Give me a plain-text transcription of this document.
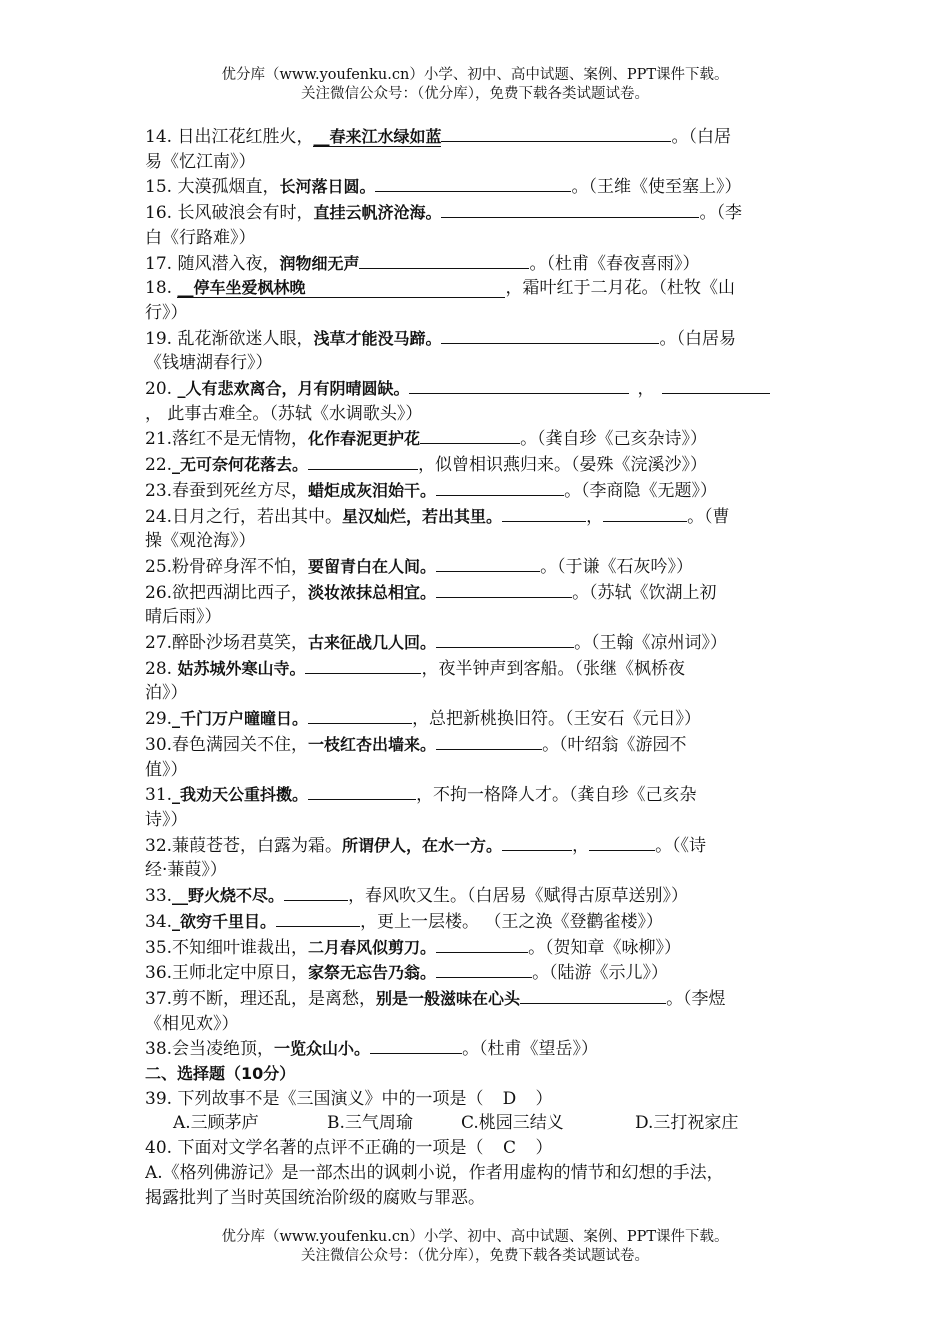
优分库（www.youfenku.cn）小学、初中、高中试题、案例、PPT课件下载。
关注微信公众号：（优分库），免费下载各类试题试卷。
14. 日出江花红胜火，__春来江水绿如蓝	。（白居
易《忆江南》）
15. 大漠孤烟直，长河落日圆。	。（王维《使至塞上》）
16. 长风破浪会有时，直挂云帆济沧海。	。（李
白《行路难》）
17. 随风潜入夜，润物细无声	。（杜甫《春夜喜雨》）
18. __停车坐爱枫林晚	，霜叶红于二月花。（杜牧《山
行》）
19. 乱花渐欲迷人眼，浅草才能没马蹄。	。（白居易
《钱塘湖春行》）
20. _人有悲欢离合，月有阴晴圆缺。	，
， 此事古难全。（苏轼《水调歌头》）
21.落红不是无情物，化作春泥更护花	。（龚自珍《己亥杂诗》）
22._无可奈何花落去。	，似曾相识燕归来。（晏殊《浣溪沙》）
23.春蚕到死丝方尽，蜡炬成灰泪始干。	。（李商隐《无题》）
24.日月之行，若出其中。星汉灿烂，若出其里。	，	。（曹
操《观沧海》）
25.粉骨碎身浑不怕，要留青白在人间。	。（于谦《石灰吟》）
26.欲把西湖比西子，淡妆浓抹总相宜。	。（苏轼《饮湖上初
晴后雨》）
27.醉卧沙场君莫笑，古来征战几人回。	。（王翰《凉州词》）
28. 姑苏城外寒山寺。	，夜半钟声到客船。（张继《枫桥夜
泊》）
29._千门万户曈曈日。	，总把新桃换旧符。（王安石《元日》）
30.春色满园关不住，一枝红杏出墙来。	。（叶绍翁《游园不
值》）
31._我劝天公重抖擞。	，不拘一格降人才。（龚自珍《己亥杂
诗》）
32.蒹葭苍苍，白露为霜。所谓伊人，在水一方。	，	。（《诗
经·蒹葭》）
33.__野火烧不尽。	，春风吹又生。（白居易《赋得古原草送别》）
34._欲穷千里目。	，更上一层楼。 （王之涣《登鹳雀楼》）
35.不知细叶谁裁出，二月春风似剪刀。	。（贺知章《咏柳》）
36.王师北定中原日，家祭无忘告乃翁。	。（陆游《示儿》）
37.剪不断，理还乱，是离愁，别是一般滋味在心头	。（李煜
《相见欢》）
38.会当凌绝顶，一览众山小。	。（杜甫《望岳》）
二、选择题（10分）
39. 下列故事不是《三国演义》中的一项是（ D ）
A.三顾茅庐	B.三气周瑜	C.桃园三结义	D.三打祝家庄
40. 下面对文学名著的点评不正确的一项是（ C ）
A.《格列佛游记》是一部杰出的讽刺小说，作者用虚构的情节和幻想的手法，
揭露批判了当时英国统治阶级的腐败与罪恶。
优分库（www.youfenku.cn）小学、初中、高中试题、案例、PPT课件下载。
关注微信公众号：（优分库），免费下载各类试题试卷。
